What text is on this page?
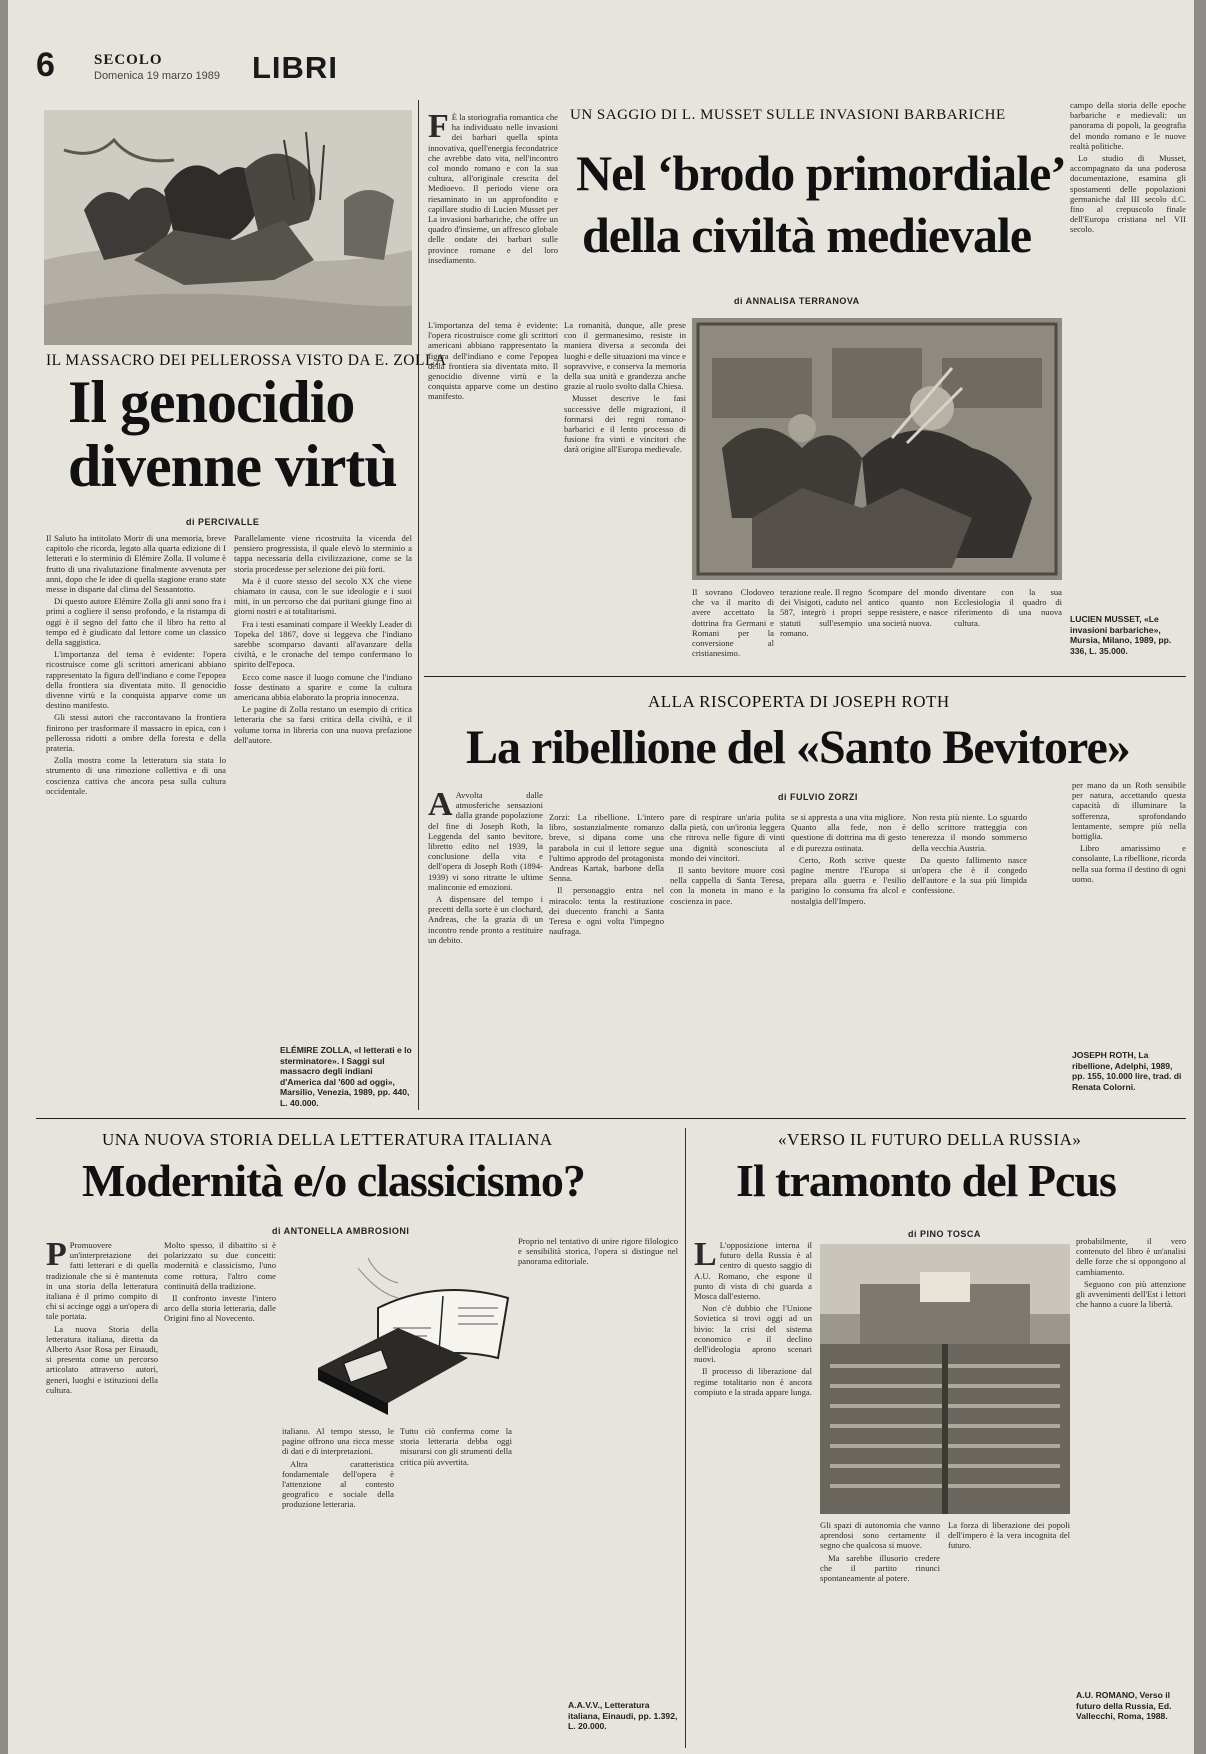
6	SECOLO
Domenica 19 marzo 1989 LIBRI
IL MASSACRO DEI PELLEROSSA VISTO DA E. ZOLLA
Il genocidio
divenne virtù
di PERCIVALLE

Il Saluto ha intitolato Morir di una memoria, breve capitolo che ricorda, legato alla quarta edizione di I letterati e lo sterminio di Elémire Zolla. Il volume è frutto di una rivalutazione finalmente avvenuta per anni, dopo che le idee di quella stagione erano state messe in disparte dal clima del Sessantotto.

Di questo autore Elémire Zolla gli anni sono fra i primi a cogliere il senso profondo, e la ristampa di oggi è il segno del fatto che il libro ha retto al tempo ed è giudicato dal lettore come un classico della saggistica.

L'importanza del tema è evidente: l'opera ricostruisce come gli scrittori americani abbiano rappresentato la figura dell'indiano e come l'epopea della frontiera sia diventata mito. Il genocidio divenne virtù e la conquista apparve come un destino manifesto.

Gli stessi autori che raccontavano la frontiera finirono per trasformare il massacro in epica, con i pellerossa ridotti a ombre della foresta e della prateria.

Zolla mostra come la letteratura sia stata lo strumento di una rimozione collettiva e di una coscienza cattiva che ancora pesa sulla cultura occidentale.

Parallelamente viene ricostruita la vicenda del pensiero progressista, il quale elevò lo sterminio a tappa necessaria della civilizzazione, come se la storia procedesse per selezione dei più forti.

Ma è il cuore stesso del secolo XX che viene chiamato in causa, con le sue ideologie e i suoi miti, in un percorso che dai puritani giunge fino ai giorni nostri e ai totalitarismi.

Fra i testi esaminati compare il Weekly Leader di Topeka del 1867, dove si leggeva che l'indiano sarebbe scomparso davanti all'avanzare della civiltà, e le cronache del tempo confermano lo spirito dell'epoca.

Ecco come nasce il luogo comune che l'indiano fosse destinato a sparire e come la cultura americana abbia elaborato la propria innocenza.

Le pagine di Zolla restano un esempio di critica letteraria che sa farsi critica della civiltà, e il volume torna in libreria con una nuova prefazione dell'autore.

ELÉMIRE ZOLLA, «I letterati e lo sterminatore». I Saggi sul massacro degli indiani d'America dal '600 ad oggi», Marsilio, Venezia, 1989, pp. 440, L. 40.000.

F È la storiografia romantica che ha individuato nelle invasioni dei barbari quella spinta innovativa, quell'energia fecondatrice che avrebbe dato vita, nell'incontro col mondo romano e con la sua cultura, all'originale crescita del Medioevo. Il periodo viene ora riesaminato in un approfondito e capillare studio di Lucien Musset per La invasioni barbariche, che offre un quadro d'insieme, un affresco globale delle ondate dei barbari sulle province romane e del loro insediamento.

UN SAGGIO DI L. MUSSET SULLE INVASIONI BARBARICHE
Nel ‘brodo primordiale’
della civiltà medievale
di ANNALISA TERRANOVA

L'importanza del tema è evidente: l'opera ricostruisce come gli scrittori americani abbiano rappresentato la figura dell'indiano e come l'epopea della frontiera sia diventata mito. Il genocidio divenne virtù e la conquista apparve come un destino manifesto.

La romanità, dunque, alle prese con il germanesimo, resiste in maniera diversa a seconda dei luoghi e delle situazioni ma vince e sopravvive, e conserva la memoria della sua unità e grandezza anche grazie al ruolo svolto dalla Chiesa.

Musset descrive le fasi successive delle migrazioni, il formarsi dei regni romano-barbarici e il lento processo di fusione fra vinti e vincitori che darà origine all'Europa medievale.

Il sovrano Clodoveo che va il marito di avere accettato la dottrina fra Germani e Romani per la conversione al cristianesimo.

terazione reale. Il regno dei Visigoti, caduto nel 587, integrò i propri statuti sull'esempio romano.

Scompare del mondo antico quanto non seppe resistere, e nasce una società nuova.

diventare con la sua Ecclesiologia il quadro di riferimento di una nuova cultura.

campo della storia delle epoche barbariche e medievali: un panorama di popoli, la geografia del mondo romano e le nuove realtà politiche.

Lo studio di Musset, accompagnato da una poderosa documentazione, esamina gli spostamenti delle popolazioni germaniche dal III secolo d.C. fino al crepuscolo finale dell'Europa cristiana nel VII secolo.

LUCIEN MUSSET, «Le invasioni barbariche», Mursia, Milano, 1989, pp. 336, L. 35.000.
ALLA RISCOPERTA DI JOSEPH ROTH
La ribellione del «Santo Bevitore»
di FULVIO ZORZI

A Avvolta dalle atmosferiche sensazioni dalla grande popolazione del fine di Joseph Roth, la Leggenda del santo bevitore, libretto edito nel 1939, la conclusione della vita e dell'opera di Joseph Roth (1894-1939) vi sono ritratte le ultime malinconie ed emozioni.

A dispensare del tempo i precetti della sorte è un clochard, Andreas, che la grazia di un incontro rende pronto a restituire un debito.

Zorzi: La ribellione. L'intero libro, sostanzialmente romanzo breve, si dipana come una parabola in cui il lettore segue l'ultimo approdo del protagonista Andreas Kartak, barbone della Senna.

Il personaggio entra nel miracolo: tenta la restituzione dei duecento franchi a Santa Teresa e ogni volta l'impegno naufraga.

pare di respirare un'aria pulita dalla pietà, con un'ironia leggera che ritrova nelle figure di vinti una dignità sconosciuta al mondo dei vincitori.

Il santo bevitore muore così nella cappella di Santa Teresa, con la moneta in mano e la coscienza in pace.

se si appresta a una vita migliore. Quanto alla fede, non è questione di dottrina ma di gesto e di purezza ostinata.

Certo, Roth scrive queste pagine mentre l'Europa si prepara alla guerra e l'esilio parigino lo consuma fra alcol e nostalgia dell'Impero.

Non resta più niente. Lo sguardo dello scrittore tratteggia con tenerezza il mondo sommerso della vecchia Austria.

Da questo fallimento nasce un'opera che è il congedo dell'autore e la sua più limpida confessione.

per mano da un Roth sensibile per natura, accettando questa capacità di illuminare la sofferenza, sprofondando lentamente, sempre più nella bottiglia.

Libro amarissimo e consolante, La ribellione, ricorda nella sua forma il destino di ogni uomo.

JOSEPH ROTH, La ribellione, Adelphi, 1989, pp. 155, 10.000 lire, trad. di Renata Colorni.
UNA NUOVA STORIA DELLA LETTERATURA ITALIANA
Modernità e/o classicismo?
di ANTONELLA AMBROSIONI

P Promuovere un'interpretazione dei fatti letterari e di quella tradizionale che si è mantenuta in una storia della letteratura italiana è il primo compito di chi si accinge oggi a un'opera di tale portata.

La nuova Storia della letteratura italiana, diretta da Alberto Asor Rosa per Einaudi, si presenta come un percorso articolato attraverso autori, generi, luoghi e istituzioni della cultura.

Molto spesso, il dibattito si è polarizzato su due concetti: modernità e classicismo, l'uno come rottura, l'altro come continuità della tradizione.

Il confronto investe l'intero arco della storia letteraria, dalle Origini fino al Novecento.

italiano. Al tempo stesso, le pagine offrono una ricca messe di dati e di interpretazioni.

Altra caratteristica fondamentale dell'opera è l'attenzione al contesto geografico e sociale della produzione letteraria.

Tutto ciò conferma come la storia letteraria debba oggi misurarsi con gli strumenti della critica più avvertita.

Proprio nel tentativo di unire rigore filologico e sensibilità storica, l'opera si distingue nel panorama editoriale.

A.A.V.V., Letteratura italiana, Einaudi, pp. 1.392, L. 20.000.
«VERSO IL FUTURO DELLA RUSSIA»
Il tramonto del Pcus
di PINO TOSCA

L L'opposizione interna il futuro della Russia è al centro di questo saggio di A.U. Romano, che espone il punto di vista di chi guarda a Mosca dall'esterno.

Non c'è dubbio che l'Unione Sovietica si trovi oggi ad un bivio: la crisi del sistema economico e il declino dell'ideologia aprono scenari nuovi.

Il processo di liberazione dal regime totalitario non è ancora compiuto e la strada appare lunga.

Gli spazi di autonomia che vanno aprendosi sono certamente il segno che qualcosa si muove.

Ma sarebbe illusorio credere che il partito rinunci spontaneamente al potere.

La forza di liberazione dei popoli dell'impero è la vera incognita del futuro.

probabilmente, il vero contenuto del libro è un'analisi delle forze che si oppongono al cambiamento.

Seguono con più attenzione gli avvenimenti dell'Est i lettori che hanno a cuore la libertà.

A.U. ROMANO, Verso il futuro della Russia, Ed. Vallecchi, Roma, 1988.
